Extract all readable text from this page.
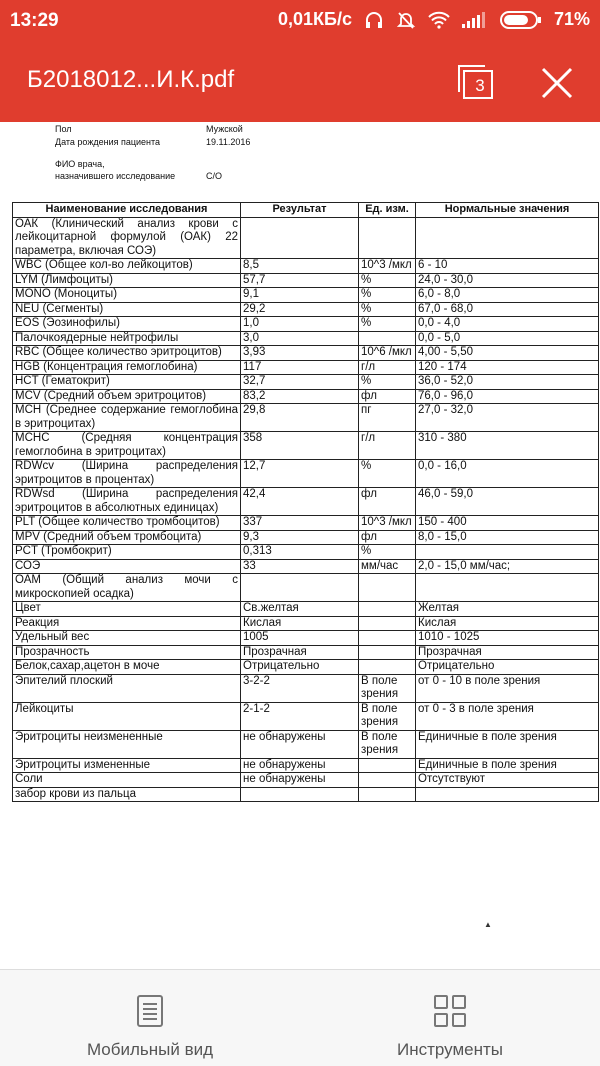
13:29	0,01КБ/с	71%
Б2018012...И.К.pdf	3
Пол	Мужской
Дата рождения пациента	19.11.2016
ФИО врача,
назначившего исследование	С/О
Наименование исследования	Результат	Ед. изм.	Нормальные значения
ОАК (Клинический анализ крови с лейкоцитарной формулой (ОАК) 22 параметра, включая СОЭ)			
WBC (Общее кол-во лейкоцитов)	8,5	10^3 /мкл	6 - 10
LYM (Лимфоциты)	57,7	%	24,0 - 30,0
MONO (Моноциты)	9,1	%	6,0 - 8,0
NEU (Сегменты)	29,2	%	67,0 - 68,0
EOS (Эозинофилы)	1,0	%	0,0 - 4,0
Палочкоядерные нейтрофилы	3,0		0,0 - 5,0
RBC (Общее количество эритроцитов)	3,93	10^6 /мкл	4,00 - 5,50
HGB (Концентрация гемоглобина)	117	г/л	120 - 174
HCT (Гематокрит)	32,7	%	36,0 - 52,0
MCV (Средний объем эритроцитов)	83,2	фл	76,0 - 96,0
MCH (Среднее содержание гемоглобина в эритроцитах)	29,8	пг	27,0 - 32,0
MCHC (Средняя концентрация гемоглобина в эритроцитах)	358	г/л	310 - 380
RDWcv (Ширина распределения эритроцитов в процентах)	12,7	%	0,0 - 16,0
RDWsd (Ширина распределения эритроцитов в абсолютных единицах)	42,4	фл	46,0 - 59,0
PLT (Общее количество тромбоцитов)	337	10^3 /мкл	150 - 400
MPV (Средний объем тромбоцита)	9,3	фл	8,0 - 15,0
PCT (Тромбокрит)	0,313	%	
СОЭ	33	мм/час	2,0 - 15,0 мм/час;
ОАМ (Общий анализ мочи с микроскопией осадка)			
Цвет	Св.желтая		Желтая
Реакция	Кислая		Кислая
Удельный вес	1005		1010 - 1025
Прозрачность	Прозрачная		Прозрачная
Белок,сахар,ацетон в моче	Отрицательно		Отрицательно
Эпителий плоский	3-2-2	В поле зрения	от 0 - 10 в поле зрения
Лейкоциты	2-1-2	В поле зрения	от 0 - 3 в поле зрения
Эритроциты неизмененные	не обнаружены	В поле зрения	Единичные в поле зрения
Эритроциты измененные	не обнаружены		Единичные в поле зрения
Соли	не обнаружены		Отсутствуют
забор крови из пальца			
▲
Мобильный вид	Инструменты
